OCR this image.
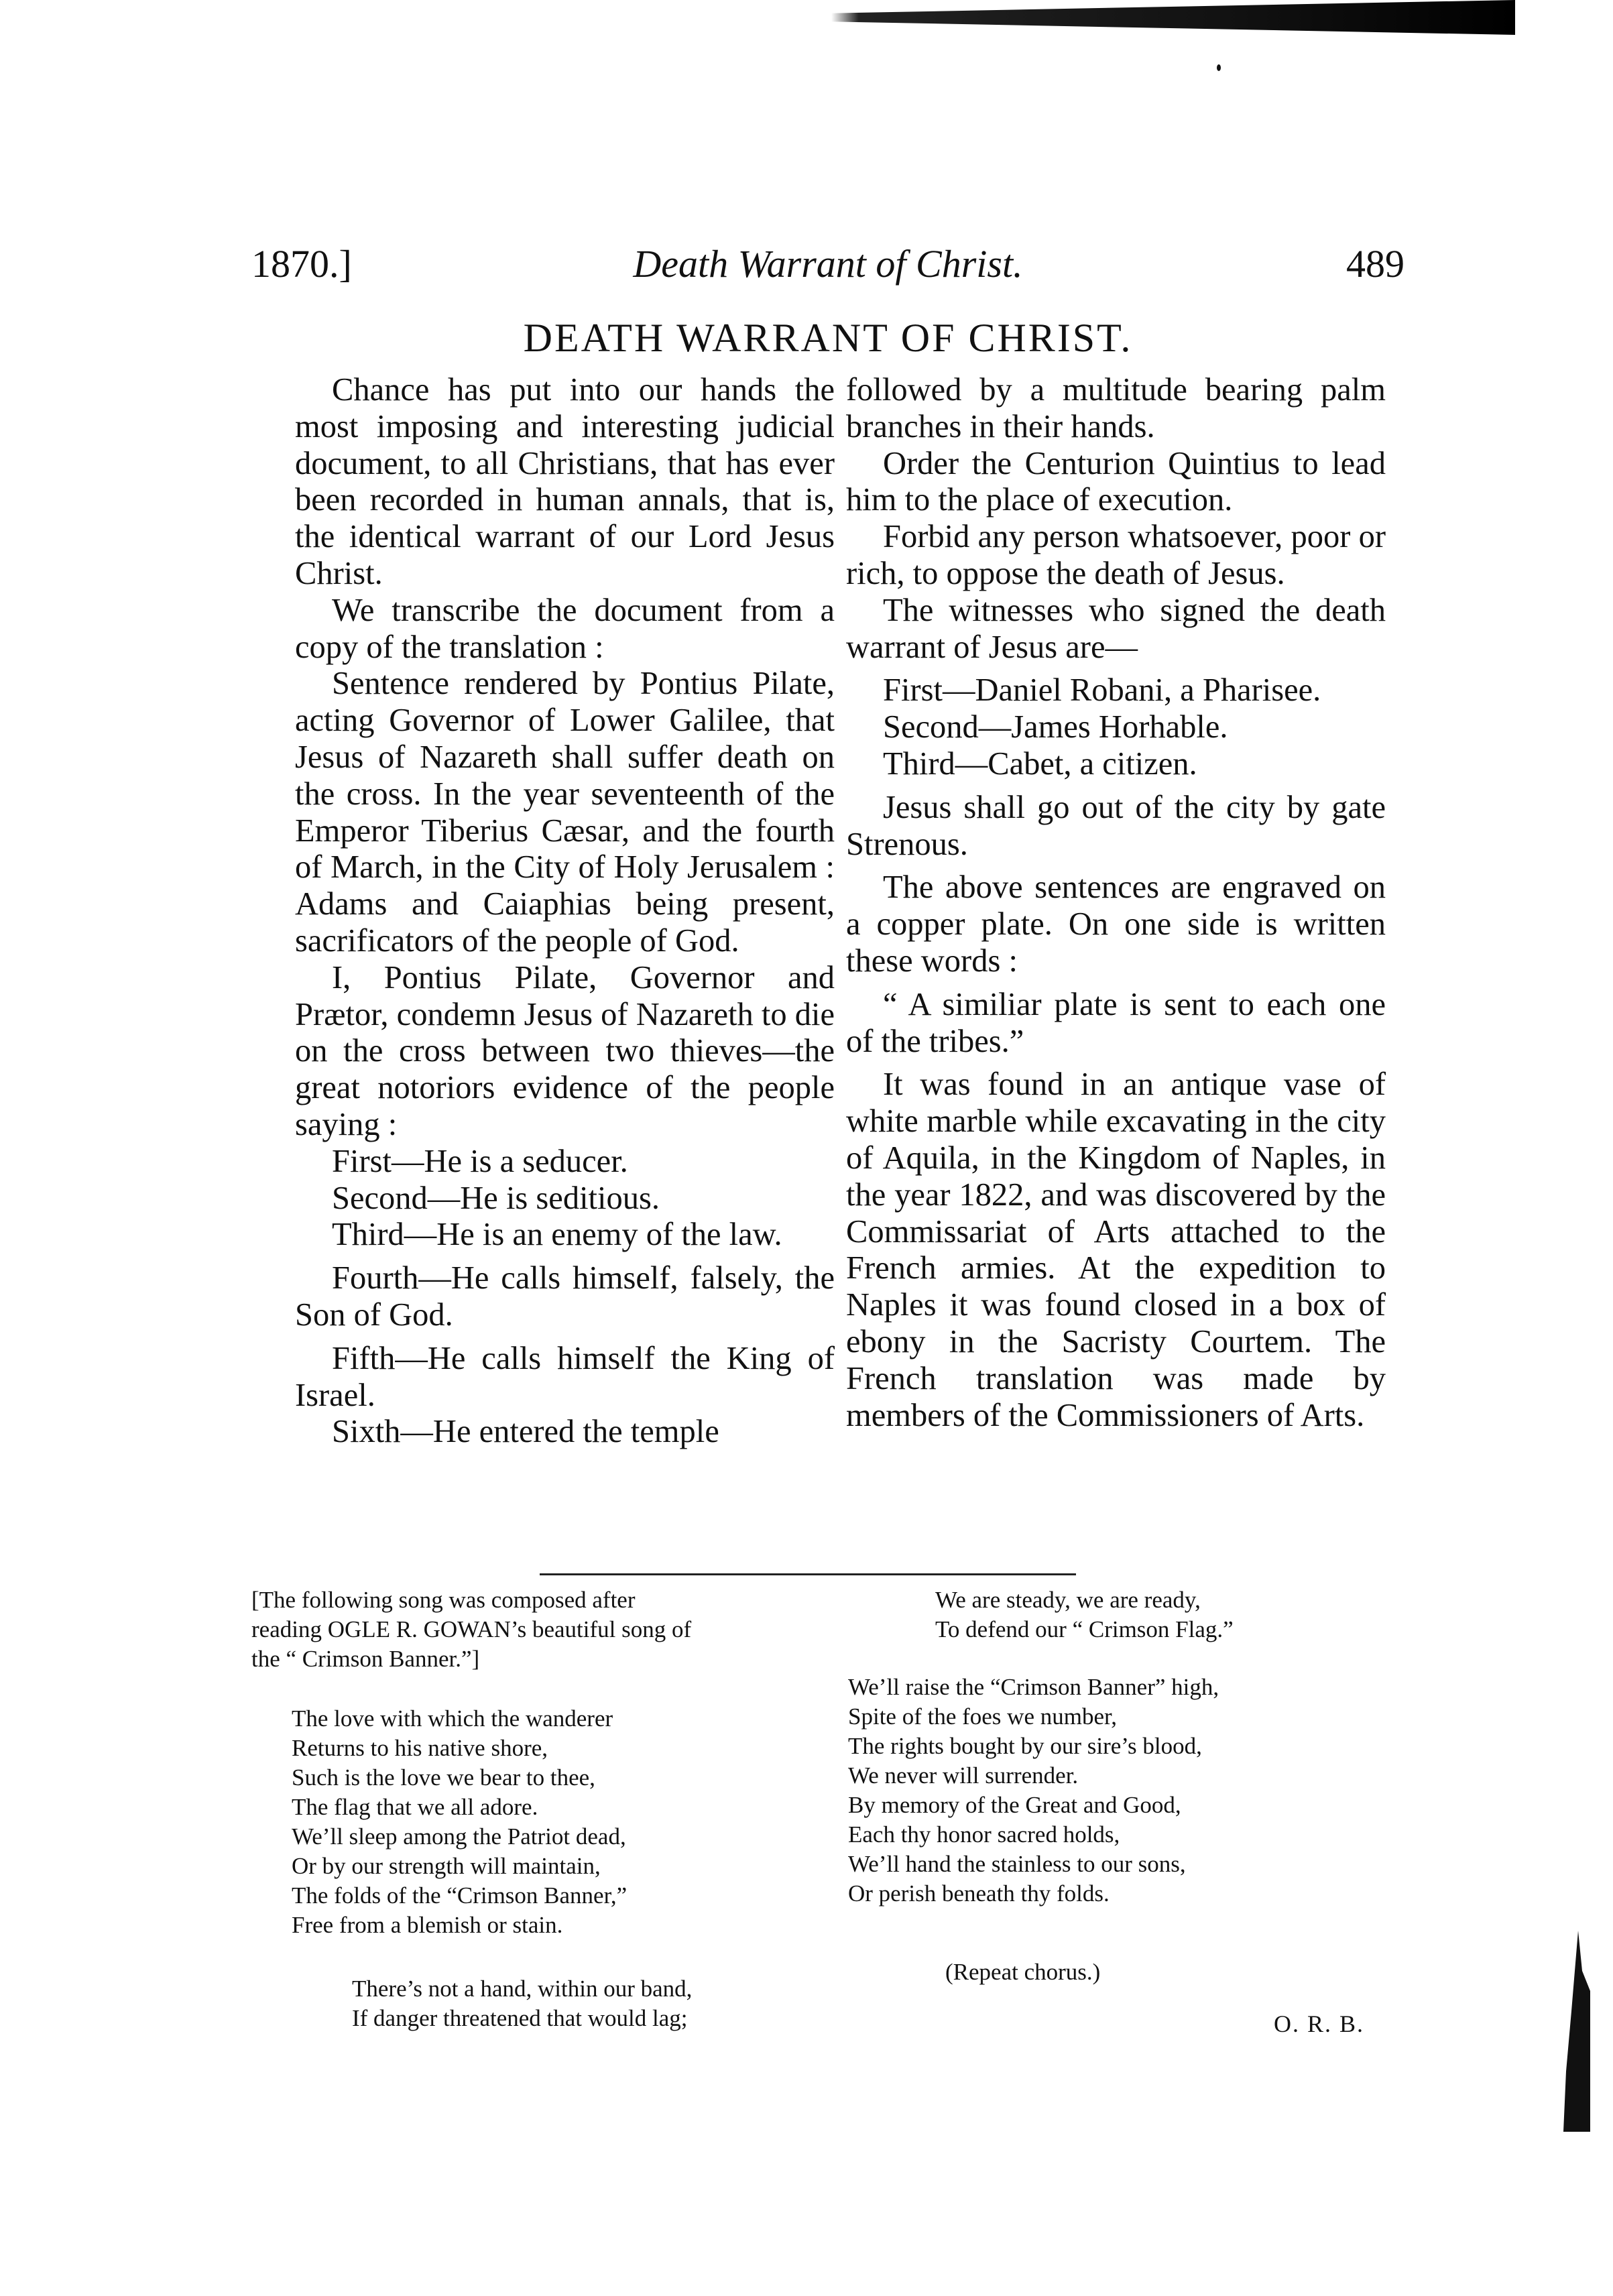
1870.]	Death Warrant of Christ.	489
DEATH WARRANT OF CHRIST.

Chance has put into our hands the most imposing and interesting judicial document, to all Christians, that has ever been recorded in human annals, that is, the identical warrant of our Lord Jesus Christ.

We transcribe the document from a copy of the translation :

Sentence rendered by Pontius Pilate, acting Governor of Lower Galilee, that Jesus of Nazareth shall suffer death on the cross. In the year seventeenth of the Emperor Tiberius Cæsar, and the fourth of March, in the City of Holy Jerusalem : Adams and Caiaphias being present, sacrificators of the people of God.

I, Pontius Pilate, Governor and Prætor, condemn Jesus of Nazareth to die on the cross between two thieves—the great notoriors evidence of the people saying :

First—He is a seducer.

Second—He is seditious.

Third—He is an enemy of the law.

Fourth—He calls himself, falsely, the Son of God.

Fifth—He calls himself the King of Israel.

Sixth—He entered the temple

followed by a multitude bearing palm branches in their hands.

Order the Centurion Quintius to lead him to the place of execution.

Forbid any person whatsoever, poor or rich, to oppose the death of Jesus.

The witnesses who signed the death warrant of Jesus are—

First—Daniel Robani, a Pharisee.

Second—James Horhable.

Third—Cabet, a citizen.

Jesus shall go out of the city by gate Strenous.

The above sentences are engraved on a copper plate. On one side is written these words :

“ A similiar plate is sent to each one of the tribes.”

It was found in an antique vase of white marble while excavating in the city of Aquila, in the Kingdom of Naples, in the year 1822, and was discovered by the Commissariat of Arts attached to the French armies. At the expedition to Naples it was found closed in a box of ebony in the Sacristy Courtem. The French translation was made by members of the Commissioners of Arts.

[The following song was composed after
reading OGLE R. GOWAN’s beautiful song of
the “ Crimson Banner.”]
The love with which the wanderer
Returns to his native shore,
Such is the love we bear to thee,
The flag that we all adore.
We’ll sleep among the Patriot dead,
Or by our strength will maintain,
The folds of the “Crimson Banner,”
Free from a blemish or stain.
There’s not a hand, within our band,
If danger threatened that would lag;
We are steady, we are ready,
To defend our “ Crimson Flag.”
We’ll raise the “Crimson Banner” high,
Spite of the foes we number,
The rights bought by our sire’s blood,
We never will surrender.
By memory of the Great and Good,
Each thy honor sacred holds,
We’ll hand the stainless to our sons,
Or perish beneath thy folds.
(Repeat chorus.)
O. R. B.
